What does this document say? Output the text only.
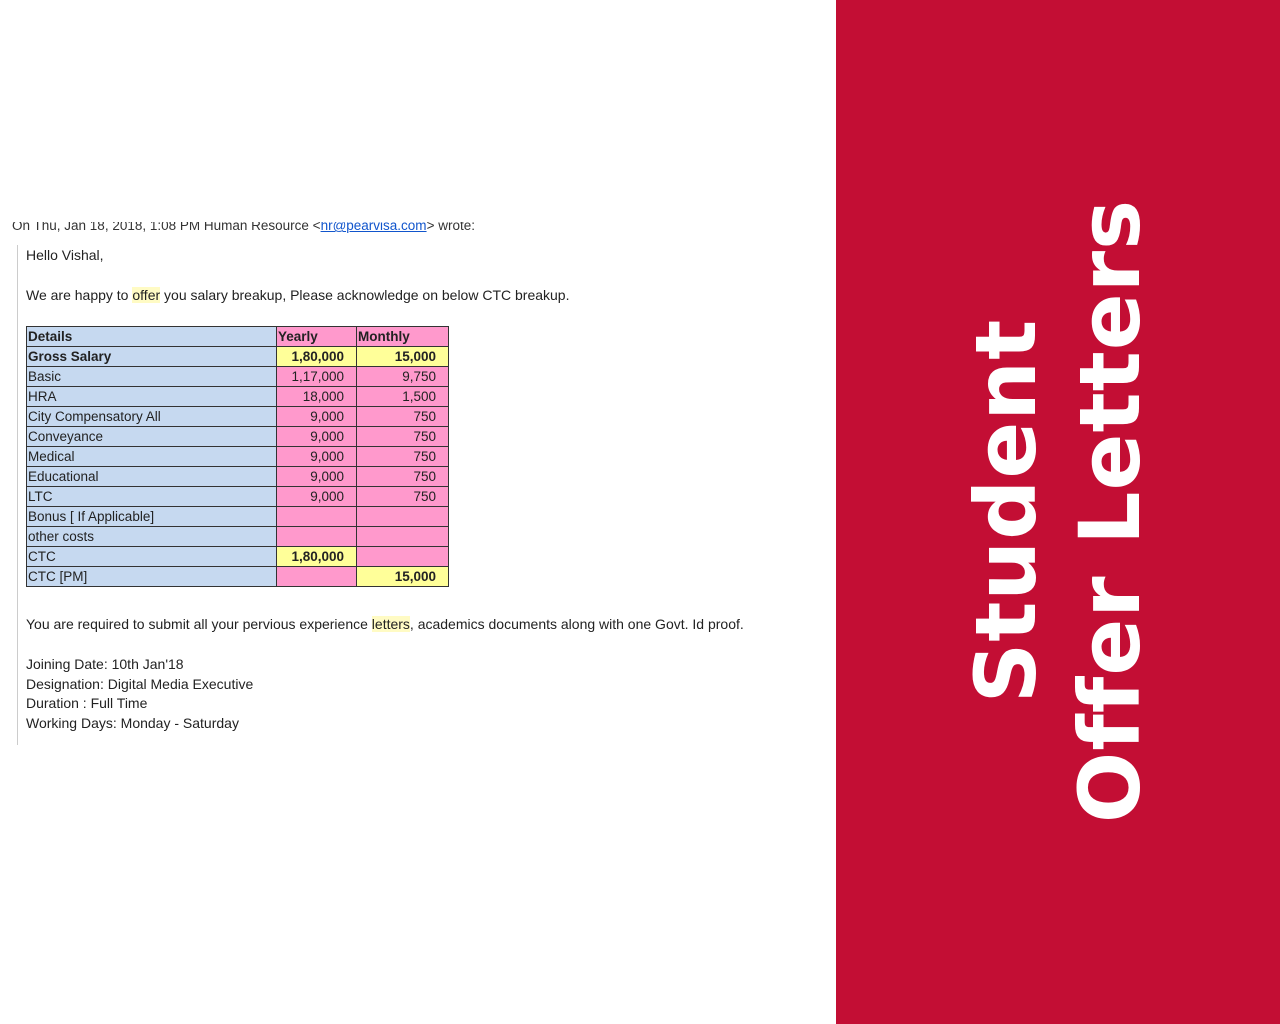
On Thu, Jan 18, 2018, 1:08 PM Human Resource <hr@pearvisa.com> wrote:

Hello Vishal,

We are happy to offer you salary breakup, Please acknowledge on below CTC breakup.

Details	Yearly	Monthly
Gross Salary	1,80,000	15,000
Basic	1,17,000	9,750
HRA	18,000	1,500
City Compensatory All	9,000	750
Conveyance	9,000	750
Medical	9,000	750
Educational	9,000	750
LTC	9,000	750
Bonus [ If Applicable]		
other costs		
CTC	1,80,000	
CTC [PM]		15,000

You are required to submit all your pervious experience letters, academics documents along with one Govt. Id proof.

Joining Date: 10th Jan'18

Designation: Digital Media Executive

Duration : Full Time

Working Days: Monday - Saturday

Student Offer Letters
